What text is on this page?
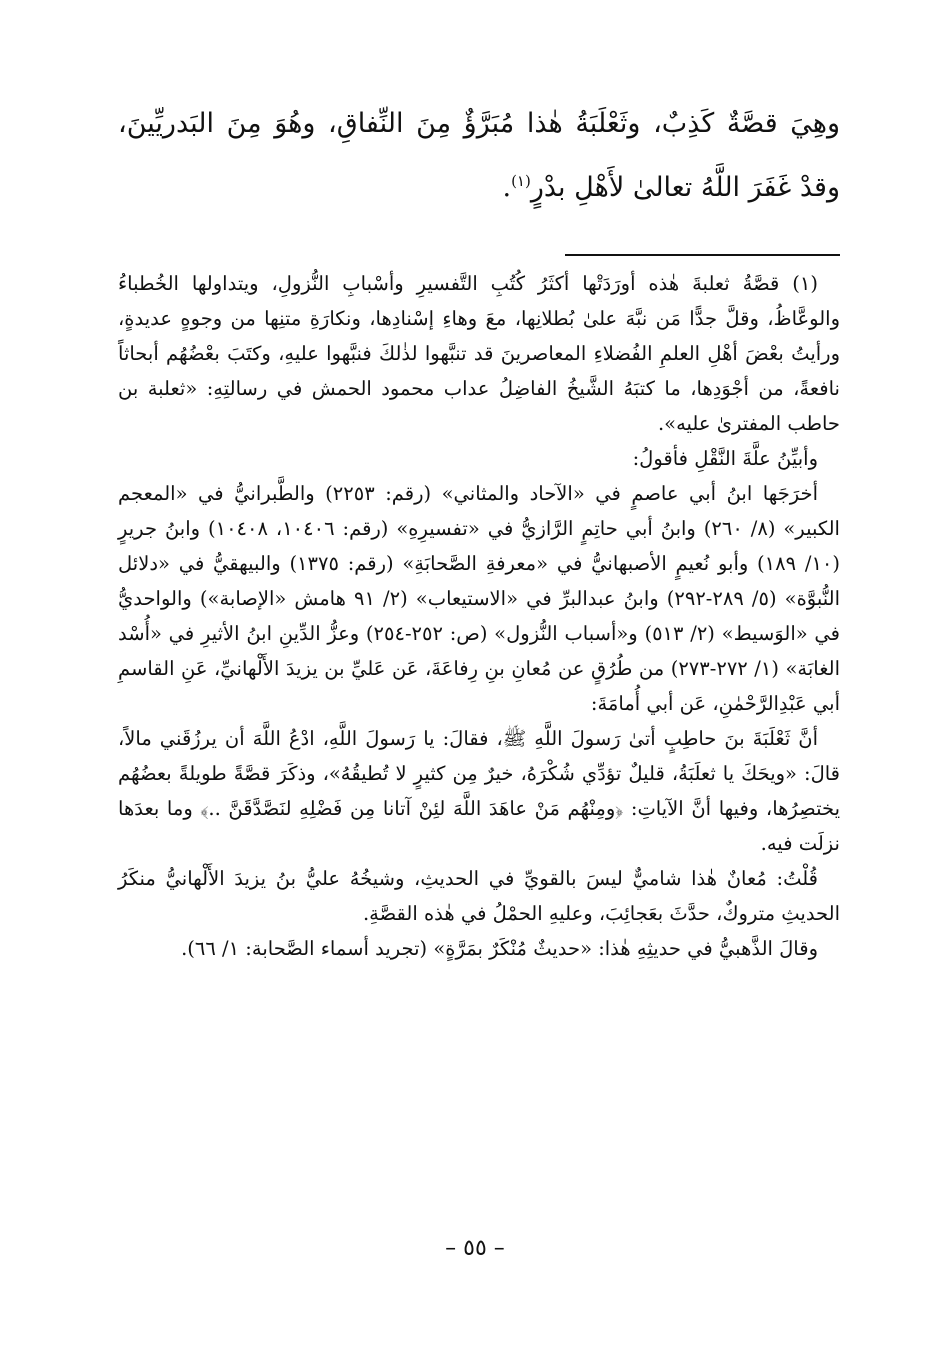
وهِيَ قصَّةٌ كَذِبٌ، وثَعْلَبَةُ هٰذا مُبَرَّؤٌ مِنَ النِّفاقِ، وهُوَ مِنَ البَدريِّينَ، وقدْ غَفَرَ اللَّهُ تعالىٰ لأَهْلِ بدْرٍ$^{(١)}$.

(١) قصَّةُ ثعلبةَ هٰذه أورَدَتْها أكثَرُ كُتُبِ التَّفسيرِ وأسْبابِ النُّزولِ، ويتداولها الخُطباءُ والوعَّاظُ، وقلَّ جدًّا مَن نبَّهَ علىٰ بُطلانِها، معَ وهاءِ إسْنادِها، ونكارَةِ متنِها من وجوهٍ عديدةٍ، ورأيتُ بعْضَ أهْلِ العلمِ الفُضلاءِ المعاصرينَ قد تنبَّهوا لذٰلكَ فنبَّهوا عليهِ، وكتَبَ بعْضُهُم أبحاثاً نافعةً، من أجْوَدِها، ما كتبَهُ الشَّيخُ الفاضِلُ عداب محمود الحمش في رسالتِهِ: «ثعلبة بن حاطب المفترىٰ عليه».

وأبيِّنُ علَّةَ النَّقْلِ فأقولُ:

أخرَجَها ابنُ أبي عاصمٍ في «الآحاد والمثاني» (رقم: ٢٢٥٣) والطَّبرانيُّ في «المعجم الكبير» (٨/ ٢٦٠) وابنُ أبي حاتِمٍ الرَّازيُّ في «تفسيرِهِ» (رقم: ١٠٤٠٦، ١٠٤٠٨) وابنُ جريرٍ (١٠/ ١٨٩) وأبو نُعيمٍ الأصبهانيُّ في «معرفةِ الصَّحابَةِ» (رقم: ١٣٧٥) والبيهقيُّ في «دلائل النُّبوَّة» (٥/ ٢٨٩-٢٩٢) وابنُ عبدالبرِّ في «الاستيعاب» (٢/ ٩١ هامش «الإصابة») والواحديُّ في «الوَسيط» (٢/ ٥١٣) و«أسباب النُّزول» (ص: ٢٥٢-٢٥٤) وعزُّ الدِّينِ ابنُ الأثيرِ في «أُسْد الغابَة» (١/ ٢٧٢-٢٧٣) من طُرُقٍ عن مُعانِ بنِ رِفاعَةَ، عَن عَليِّ بن يزيدَ الأَلْهانيِّ، عَنِ القاسمِ أبي عَبْدِالرَّحْمٰنِ، عَن أبي أُمامَةَ:

أنَّ ثَعْلَبَةَ بنَ حاطِبٍ أتىٰ رَسولَ اللَّهِ ﷺ، فقالَ: يا رَسولَ اللَّهِ، ادْعُ اللَّهَ أن يرزُقَني مالاً، قالَ: «ويحَكَ يا ثعلَبَةُ، قليلٌ تؤدِّي شُكْرَهُ، خيرٌ مِن كثيرٍ لا تُطيقُهُ»، وذكَرَ قصَّةً طويلةً بعضُهُم يختصِرُها، وفيها أنَّ الآياتِ: ﴿ومِنْهُم مَنْ عاهَدَ اللَّهَ لئِنْ آتانا مِن فَضْلِهِ لنَصَّدَّقَنَّ ..﴾ وما بعدَها نزلَت فيه.

قُلْتُ: مُعانٌ هٰذا شاميٌّ ليسَ بالقويِّ في الحديثِ، وشيخُهُ عليُّ بنُ يزيدَ الأَلْهانيُّ منكَرُ الحديثِ متروكٌ، حدَّثَ بعَجائِبَ، وعليهِ الحمْلُ في هٰذه القصَّةِ.

وقالَ الذَّهبيُّ في حديثِهِ هٰذا: «حديثٌ مُنْكَرٌ بمَرَّةٍ» (تجريد أسماء الصَّحابة: ١/ ٦٦).

– ٥٥ –
